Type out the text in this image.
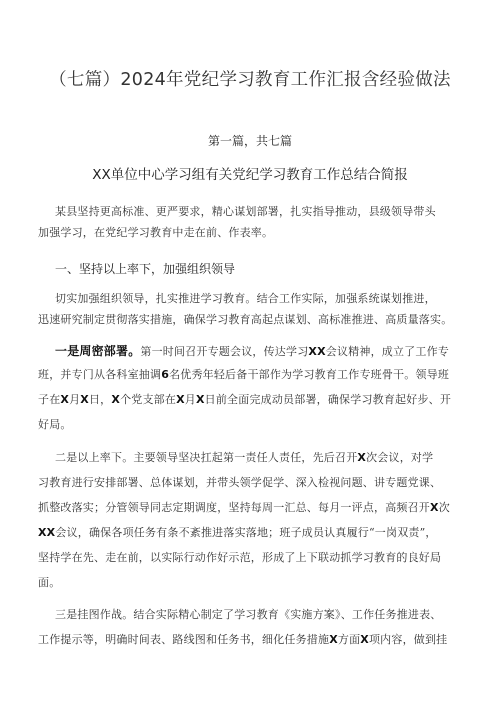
（七篇）2024年党纪学习教育工作汇报含经验做法
第一篇，共七篇
XX单位中心学习组有关党纪学习教育工作总结合简报
某县坚持更高标准、更严要求，精心谋划部署，扎实指导推动，县级领导带头
加强学习，在党纪学习教育中走在前、作表率。
一、坚持以上率下，加强组织领导
切实加强组织领导，扎实推进学习教育。结合工作实际，加强系统谋划推进，
迅速研究制定贯彻落实措施，确保学习教育高起点谋划、高标准推进、高质量落实。
一是周密部署。第一时间召开专题会议，传达学习XX会议精神，成立了工作专
班，并专门从各科室抽调6名优秀年轻后备干部作为学习教育工作专班骨干。领导班
子在X月X日，X个党支部在X月X日前全面完成动员部署，确保学习教育起好步、开
好局。
二是以上率下。主要领导坚决扛起第一责任人责任，先后召开X次会议，对学
习教育进行安排部署、总体谋划，并带头领学促学、深入检视问题、讲专题党课、
抓整改落实；分管领导同志定期调度，坚持每周一汇总、每月一评点，高频召开X次
XX会议，确保各项任务有条不紊推进落实落地；班子成员认真履行“一岗双责”，
坚持学在先、走在前，以实际行动作好示范，形成了上下联动抓学习教育的良好局
面。
三是挂图作战。结合实际精心制定了学习教育《实施方案》、工作任务推进表、
工作提示等，明确时间表、路线图和任务书，细化任务措施X方面X项内容，做到挂
